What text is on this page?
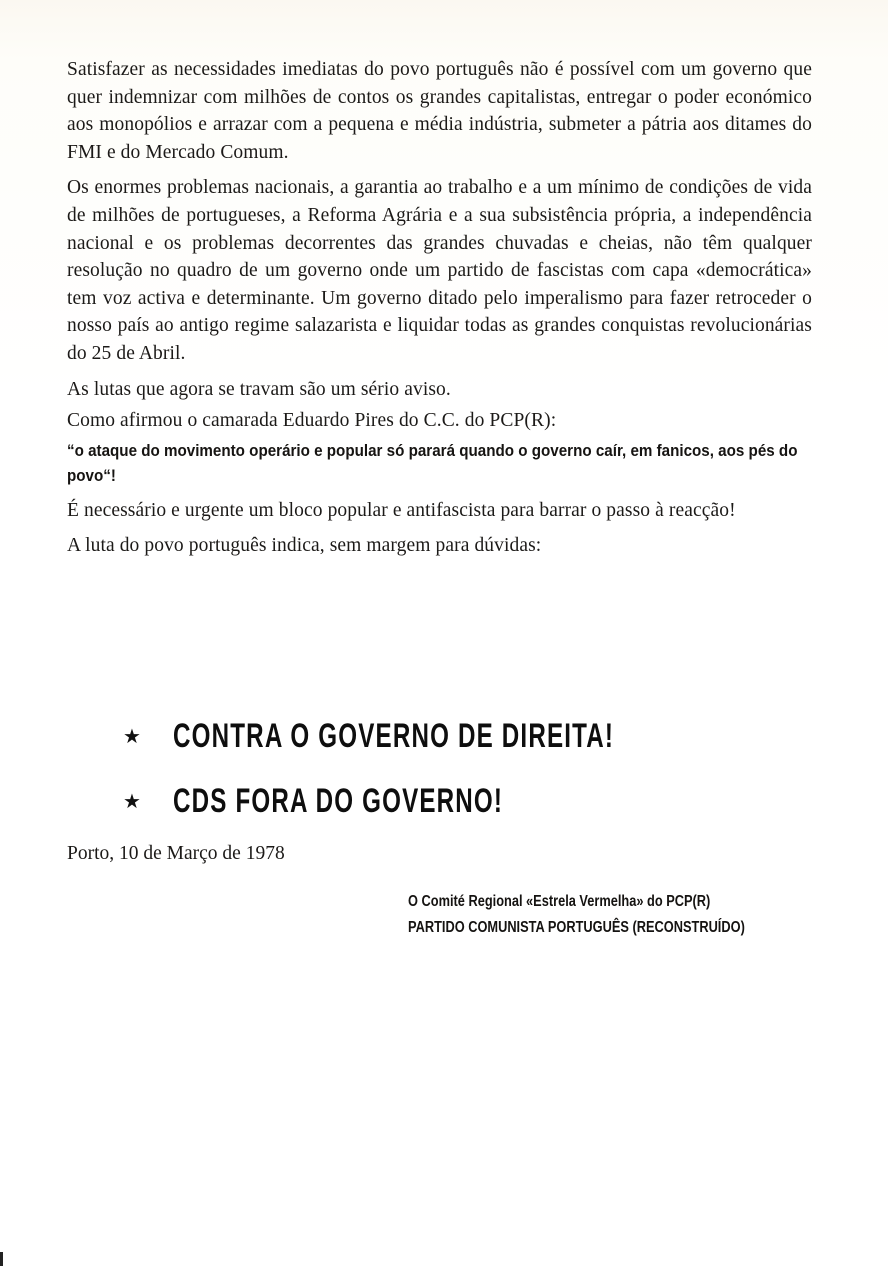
Satisfazer as necessidades imediatas do povo português não é possível com um governo que quer indemnizar com milhões de contos os grandes capitalistas, entregar o poder económico aos monopólios e arrazar com a pequena e média indústria, submeter a pátria aos ditames do FMI e do Mercado Comum.

Os enormes problemas nacionais, a garantia ao trabalho e a um mínimo de condições de vida de milhões de portugueses, a Reforma Agrária e a sua subsistência própria, a independência nacional e os problemas decorrentes das grandes chuvadas e cheias, não têm qualquer resolução no quadro de um governo onde um partido de fascistas com capa «democrática» tem voz activa e determinante. Um governo ditado pelo imperalismo para fazer retroceder o nosso país ao antigo regime salazarista e liquidar todas as grandes conquistas revolucionárias do 25 de Abril.

As lutas que agora se travam são um sério aviso.

Como afirmou o camarada Eduardo Pires do C.C. do PCP(R):

“o ataque do movimento operário e popular só parará quando o governo caír, em fanicos, aos pés do povo“!

É necessário e urgente um bloco popular e antifascista para barrar o passo à reacção!

A luta do povo português indica, sem margem para dúvidas:

★	CONTRA O GOVERNO DE DIREITA!
★	CDS FORA DO GOVERNO!
Porto, 10 de Março de 1978
O Comité Regional «Estrela Vermelha» do PCP(R)
PARTIDO COMUNISTA PORTUGUÊS (RECONSTRUÍDO)
